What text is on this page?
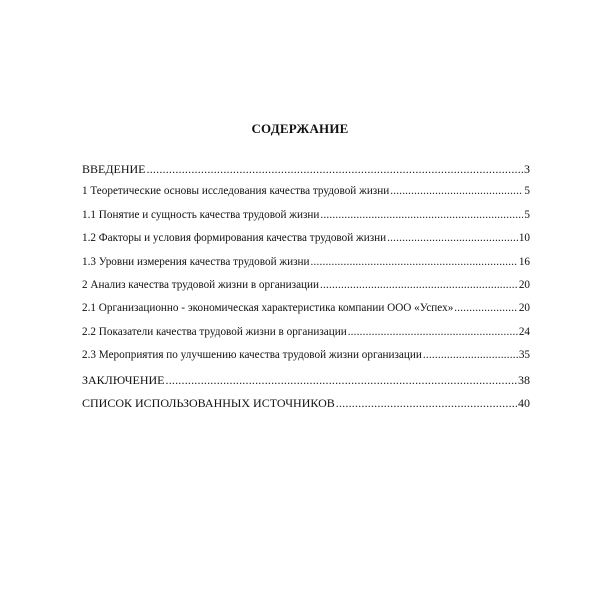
СОДЕРЖАНИЕ
ВВЕДЕНИЕ .....	3
1 Теоретические основы исследования качества трудовой жизни .....	5
1.1 Понятие и сущность качества трудовой жизни .....	5
1.2 Факторы и условия формирования качества трудовой жизни .....	10
1.3 Уровни измерения качества трудовой жизни .....	16
2 Анализ качества трудовой жизни в организации .....	20
2.1 Организационно - экономическая характеристика компании ООО «Успех» .....	20
2.2 Показатели качества трудовой жизни в организации .....	24
2.3 Мероприятия по улучшению качества трудовой жизни организации .....	35
ЗАКЛЮЧЕНИЕ .....	38
СПИСОК ИСПОЛЬЗОВАННЫХ ИСТОЧНИКОВ .....	40
